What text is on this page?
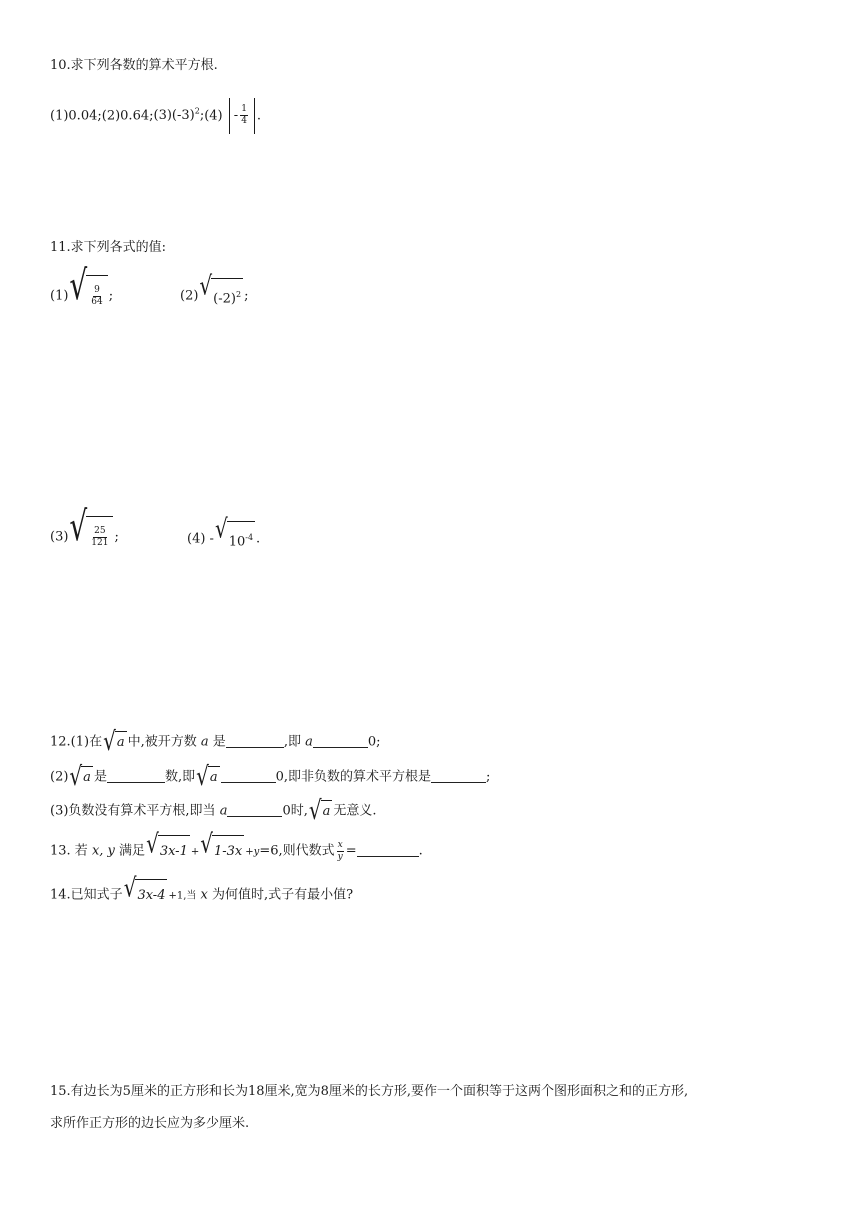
10.求下列各数的算术平方根.
$(1)0.04;(2)0.64;(3)(-3)^2;(4) - \frac{1}{4}$ .
11.求下列各式的值:
(1) √ $\frac{9}{64}$ ;	(2) √ $(-2)^2$ ;
(3) √ $\frac{25}{121}$ ;	(4) - √ $10^{-4}$ .
12.(1)在 √ a 中,被开方数 a 是	,即 a	0;
(2) √ a 是	数,即 √ a	0,即非负数的算术平方根是	;
(3)负数没有算术平方根,即当 a	0时, √ a 无意义.
13. 若 x, y 满足 √ 3x-1 + √ 1-3x +y=6,则代数式 $\frac{x}{y}$ =	.
14.已知式子 √ 3x-4 +1,当 x 为何值时,式子有最小值?
15.有边长为5厘米的正方形和长为18厘米,宽为8厘米的长方形,要作一个面积等于这两个图形面积之和的正方形,
求所作正方形的边长应为多少厘米.
